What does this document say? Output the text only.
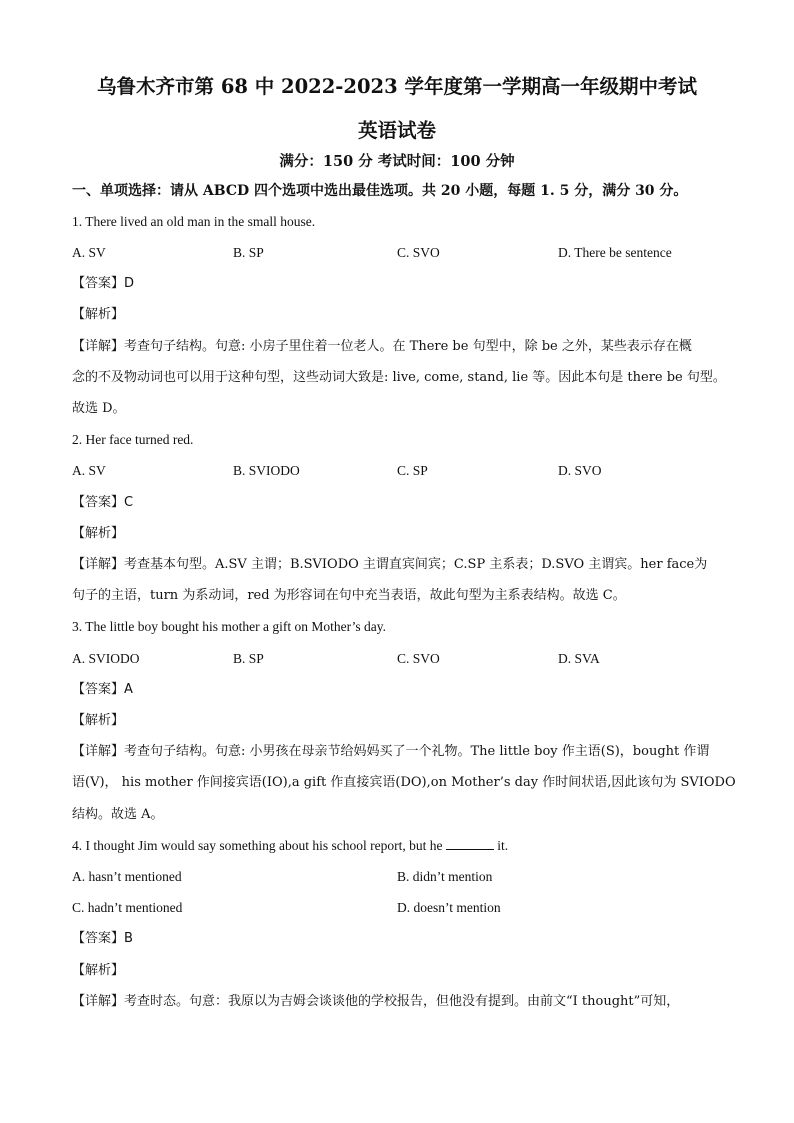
乌鲁木齐市第 68 中 2022-2023 学年度第一学期高一年级期中考试
英语试卷
满分：150 分 考试时间：100 分钟
一、单项选择：请从 ABCD 四个选项中选出最佳选项。共 20 小题，每题 1. 5 分，满分 30 分。
1. There lived an old man in the small house.
A. SV	B. SP	C. SVO	D. There be sentence
【答案】D
【解析】
【详解】考查句子结构。句意: 小房子里住着一位老人。在 There be 句型中，除 be 之外，某些表示存在概
念的不及物动词也可以用于这种句型，这些动词大致是: live, come, stand, lie 等。因此本句是 there be 句型。
故选 D。
2. Her face turned red.
A. SV	B. SVIODO	C. SP	D. SVO
【答案】C
【解析】
【详解】考查基本句型。A.SV 主谓；B.SVIODO 主谓直宾间宾；C.SP 主系表；D.SVO 主谓宾。her face为
句子的主语，turn 为系动词，red 为形容词在句中充当表语，故此句型为主系表结构。故选 C。
3. The little boy bought his mother a gift on Mother’s day.
A. SVIODO	B. SP	C. SVO	D. SVA
【答案】A
【解析】
【详解】考查句子结构。句意: 小男孩在母亲节给妈妈买了一个礼物。The little boy 作主语(S)，bought 作谓
语(V)， his mother 作间接宾语(IO),a gift 作直接宾语(DO),on Mother’s day 作时间状语,因此该句为 SVIODO
结构。故选 A。
4. I thought Jim would say something about his school report, but he	it.
A. hasn’t mentioned	B. didn’t mention
C. hadn’t mentioned	D. doesn’t mention
【答案】B
【解析】
【详解】考查时态。句意：我原以为吉姆会谈谈他的学校报告，但他没有提到。由前文“I thought”可知，
